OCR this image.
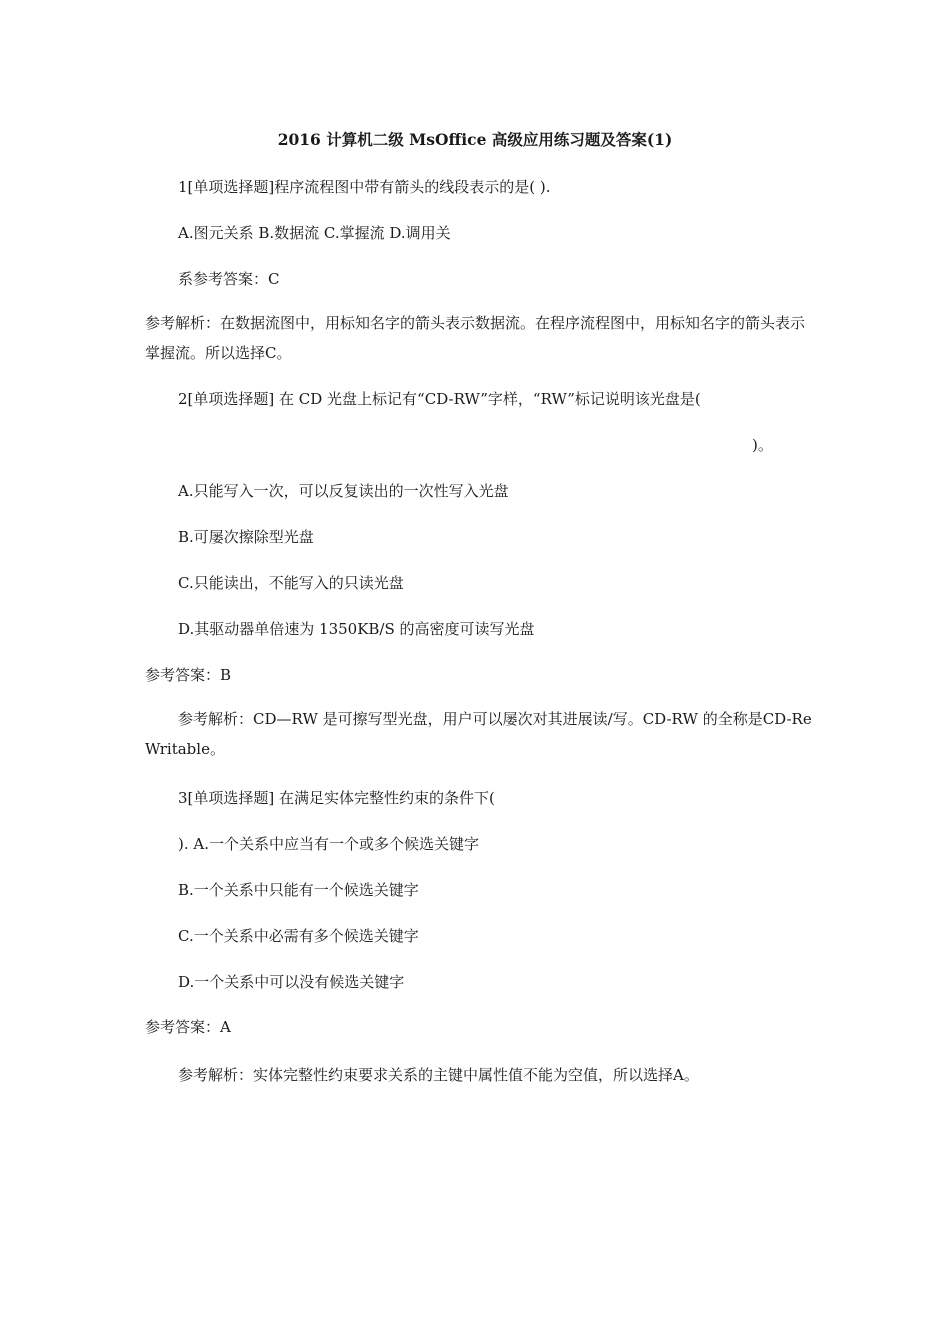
2016 计算机二级 MsOffice 高级应用练习题及答案(1)
1[单项选择题]程序流程图中带有箭头的线段表示的是( ).
A.图元关系 B.数据流 C.掌握流 D.调用关
系参考答案：C
参考解析：在数据流图中，用标知名字的箭头表示数据流。在程序流程图中，用标知名字的箭头表示掌握流。所以选择C。
2[单项选择题] 在 CD 光盘上标记有“CD-RW”字样，“RW”标记说明该光盘是(
)。
A.只能写入一次，可以反复读出的一次性写入光盘
B.可屡次擦除型光盘
C.只能读出，不能写入的只读光盘
D.其驱动器单倍速为 1350KB/S 的高密度可读写光盘
参考答案：B
参考解析：CD—RW 是可擦写型光盘，用户可以屡次对其进展读/写。CD-RW 的全称是CD-ReWritable。
3[单项选择题] 在满足实体完整性约束的条件下(
). A.一个关系中应当有一个或多个候选关键字
B.一个关系中只能有一个候选关键字
C.一个关系中必需有多个候选关键字
D.一个关系中可以没有候选关键字
参考答案：A
参考解析：实体完整性约束要求关系的主键中属性值不能为空值，所以选择A。
